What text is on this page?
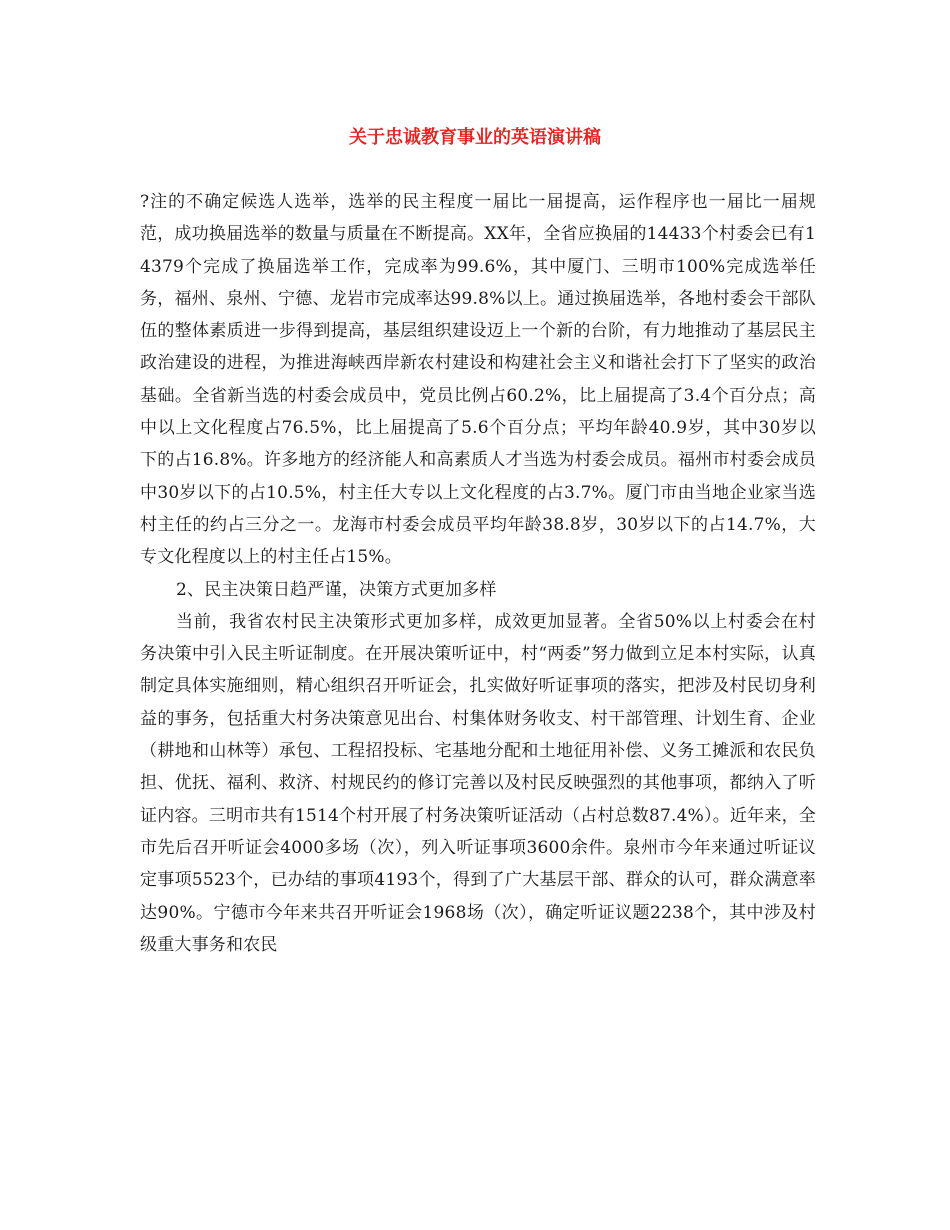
关于忠诚教育事业的英语演讲稿

?注的不确定候选人选举，选举的民主程度一届比一届提高，运作程序也一届比一届规范，成功换届选举的数量与质量在不断提高。XX年，全省应换届的14433个村委会已有14379个完成了换届选举工作，完成率为99.6%，其中厦门、三明市100%完成选举任务，福州、泉州、宁德、龙岩市完成率达99.8%以上。通过换届选举，各地村委会干部队伍的整体素质进一步得到提高，基层组织建设迈上一个新的台阶，有力地推动了基层民主政治建设的进程，为推进海峡西岸新农村建设和构建社会主义和谐社会打下了坚实的政治基础。全省新当选的村委会成员中，党员比例占60.2%，比上届提高了3.4个百分点；高中以上文化程度占76.5%，比上届提高了5.6个百分点；平均年龄40.9岁，其中30岁以下的占16.8%。许多地方的经济能人和高素质人才当选为村委会成员。福州市村委会成员中30岁以下的占10.5%，村主任大专以上文化程度的占3.7%。厦门市由当地企业家当选村主任的约占三分之一。龙海市村委会成员平均年龄38.8岁，30岁以下的占14.7%，大专文化程度以上的村主任占15%。

2、民主决策日趋严谨，决策方式更加多样

当前，我省农村民主决策形式更加多样，成效更加显著。全省50%以上村委会在村务决策中引入民主听证制度。在开展决策听证中，村“两委”努力做到立足本村实际，认真制定具体实施细则，精心组织召开听证会，扎实做好听证事项的落实，把涉及村民切身利益的事务，包括重大村务决策意见出台、村集体财务收支、村干部管理、计划生育、企业（耕地和山林等）承包、工程招投标、宅基地分配和土地征用补偿、义务工摊派和农民负担、优抚、福利、救济、村规民约的修订完善以及村民反映强烈的其他事项，都纳入了听证内容。三明市共有1514个村开展了村务决策听证活动（占村总数87.4%）。近年来，全市先后召开听证会4000多场（次），列入听证事项3600余件。泉州市今年来通过听证议定事项5523个，已办结的事项4193个，得到了广大基层干部、群众的认可，群众满意率达90%。宁德市今年来共召开听证会1968场（次），确定听证议题2238个，其中涉及村级重大事务和农民
